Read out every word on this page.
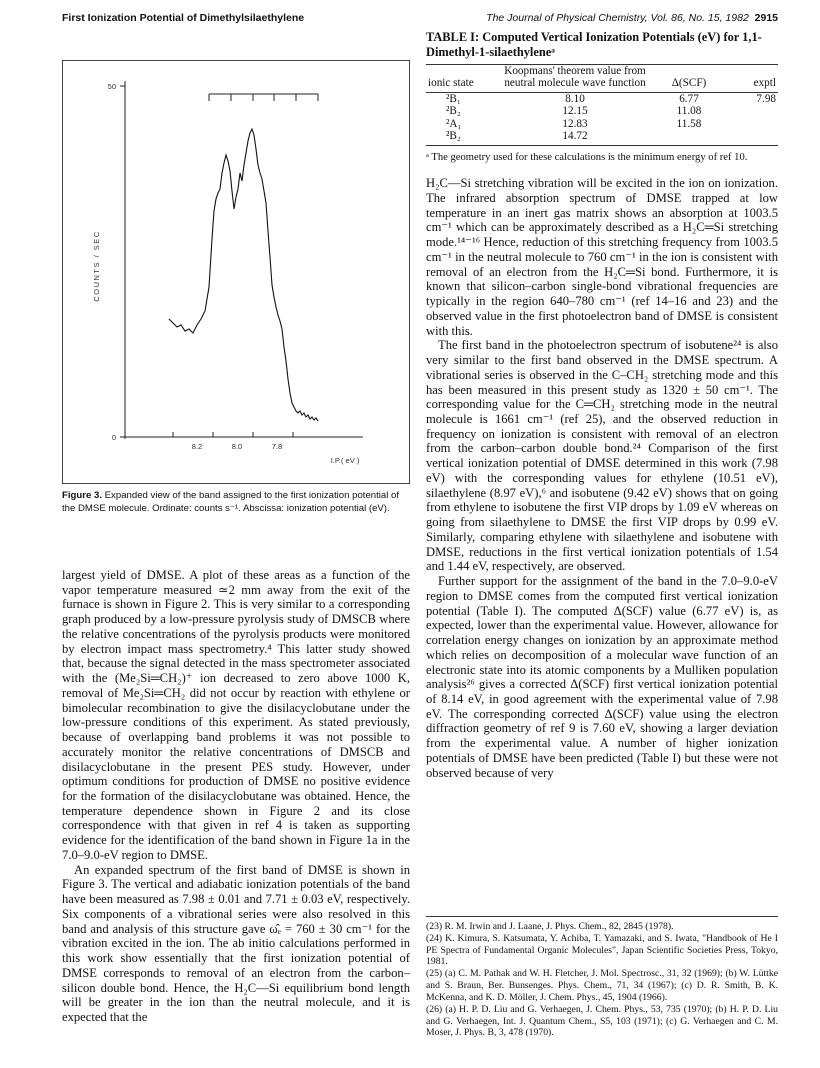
First Ionization Potential of Dimethylsilaethylene	The Journal of Physical Chemistry, Vol. 86, No. 15, 1982 2915
50
0
COUNTS / SEC
8.2	8.0	7.8
I.P.( eV )
Figure 3. Expanded view of the band assigned to the first ionization potential of the DMSE molecule. Ordinate: counts s⁻¹. Abscissa: ionization potential (eV).

largest yield of DMSE. A plot of these areas as a function of the vapor temperature measured ≃2 mm away from the exit of the furnace is shown in Figure 2. This is very similar to a corresponding graph produced by a low-pressure pyrolysis study of DMSCB where the relative concentrations of the pyrolysis products were monitored by electron impact mass spectrometry.⁴ This latter study showed that, because the signal detected in the mass spectrometer associated with the (Me₂Si═CH₂)⁺ ion decreased to zero above 1000 K, removal of Me₂Si═CH₂ did not occur by reaction with ethylene or bimolecular recombination to give the disilacyclobutane under the low-pressure conditions of this experiment. As stated previously, because of overlapping band problems it was not possible to accurately monitor the relative concentrations of DMSCB and disilacyclobutane in the present PES study. However, under optimum conditions for production of DMSE no positive evidence for the formation of the disilacyclobutane was obtained. Hence, the temperature dependence shown in Figure 2 and its close correspondence with that given in ref 4 is taken as supporting evidence for the identification of the band shown in Figure 1a in the 7.0–9.0-eV region to DMSE.

An expanded spectrum of the first band of DMSE is shown in Figure 3. The vertical and adiabatic ionization potentials of the band have been measured as 7.98 ± 0.01 and 7.71 ± 0.03 eV, respectively. Six components of a vibrational series were also resolved in this band and analysis of this structure gave ω̂ₑ = 760 ± 30 cm⁻¹ for the vibration excited in the ion. The ab initio calculations performed in this work show essentially that the first ionization potential of DMSE corresponds to removal of an electron from the carbon–silicon double bond. Hence, the H₂C—Si equilibrium bond length will be greater in the ion than the neutral molecule, and it is expected that the

TABLE I: Computed Vertical Ionization Potentials (eV) for 1,1-Dimethyl-1-silaethyleneᵃ

ionic state	Koopmans' theorem value from neutral molecule wave function	Δ(SCF)	exptl
²B₁	8.10	6.77	7.98
²B₂	12.15	11.08	
²A₁	12.83	11.58	
²B₂	14.72		

ᵃ The geometry used for these calculations is the minimum energy of ref 10.

H₂C—Si stretching vibration will be excited in the ion on ionization. The infrared absorption spectrum of DMSE trapped at low temperature in an inert gas matrix shows an absorption at 1003.5 cm⁻¹ which can be approximately described as a H₂C═Si stretching mode.¹⁴⁻¹⁶ Hence, reduction of this stretching frequency from 1003.5 cm⁻¹ in the neutral molecule to 760 cm⁻¹ in the ion is consistent with removal of an electron from the H₂C═Si bond. Furthermore, it is known that silicon–carbon single-bond vibrational frequencies are typically in the region 640–780 cm⁻¹ (ref 14–16 and 23) and the observed value in the first photoelectron band of DMSE is consistent with this.

The first band in the photoelectron spectrum of isobutene²⁴ is also very similar to the first band observed in the DMSE spectrum. A vibrational series is observed in the C–CH₂ stretching mode and this has been measured in this present study as 1320 ± 50 cm⁻¹. The corresponding value for the C═CH₂ stretching mode in the neutral molecule is 1661 cm⁻¹ (ref 25), and the observed reduction in frequency on ionization is consistent with removal of an electron from the carbon–carbon double bond.²⁴ Comparison of the first vertical ionization potential of DMSE determined in this work (7.98 eV) with the corresponding values for ethylene (10.51 eV), silaethylene (8.97 eV),⁶ and isobutene (9.42 eV) shows that on going from ethylene to isobutene the first VIP drops by 1.09 eV whereas on going from silaethylene to DMSE the first VIP drops by 0.99 eV. Similarly, comparing ethylene with silaethylene and isobutene with DMSE, reductions in the first vertical ionization potentials of 1.54 and 1.44 eV, respectively, are observed.

Further support for the assignment of the band in the 7.0–9.0-eV region to DMSE comes from the computed first vertical ionization potential (Table I). The computed Δ(SCF) value (6.77 eV) is, as expected, lower than the experimental value. However, allowance for correlation energy changes on ionization by an approximate method which relies on decomposition of a molecular wave function of an electronic state into its atomic components by a Mulliken population analysis²⁶ gives a corrected Δ(SCF) first vertical ionization potential of 8.14 eV, in good agreement with the experimental value of 7.98 eV. The corresponding corrected Δ(SCF) value using the electron diffraction geometry of ref 9 is 7.60 eV, showing a larger deviation from the experimental value. A number of higher ionization potentials of DMSE have been predicted (Table I) but these were not observed because of very

(23) R. M. Irwin and J. Laane, J. Phys. Chem., 82, 2845 (1978).

(24) K. Kimura, S. Katsumata, Y. Achiba, T. Yamazaki, and S. Iwata, "Handbook of He I PE Spectra of Fundamental Organic Molecules", Japan Scientific Societies Press, Tokyo, 1981.

(25) (a) C. M. Pathak and W. H. Fletcher, J. Mol. Spectrosc., 31, 32 (1969); (b) W. Lüttke and S. Braun, Ber. Bunsenges. Phys. Chem., 71, 34 (1967); (c) D. R. Smith, B. K. McKenna, and K. D. Möller, J. Chem. Phys., 45, 1904 (1966).

(26) (a) H. P. D. Liu and G. Verhaegen, J. Chem. Phys., 53, 735 (1970); (b) H. P. D. Liu and G. Verhaegen, Int. J. Quantum Chem., S5, 103 (1971); (c) G. Verhaegen and C. M. Moser, J. Phys. B, 3, 478 (1970).
